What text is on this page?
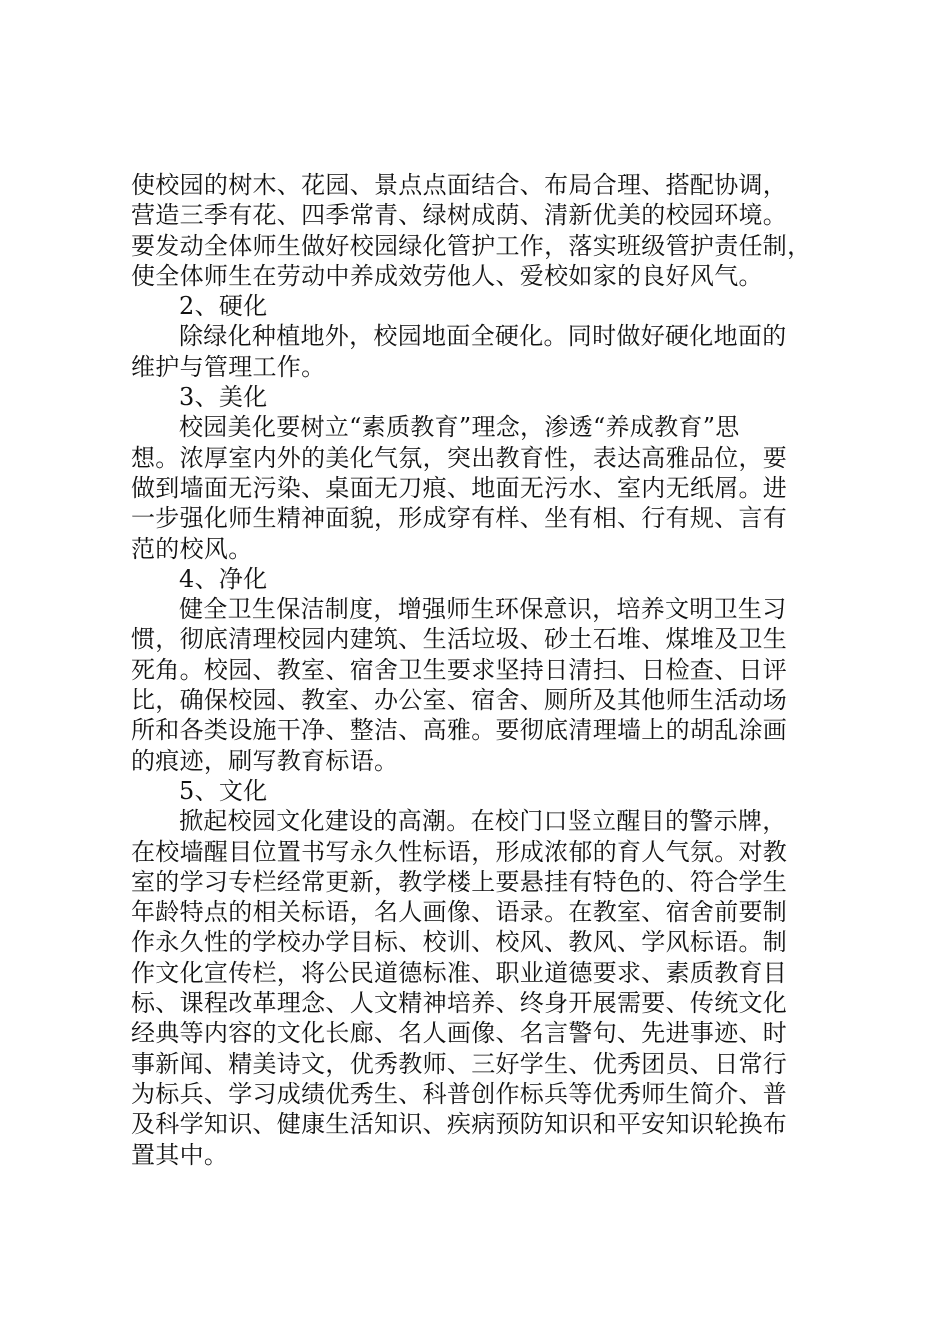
使校园的树木、花园、景点点面结合、布局合理、搭配协调，
营造三季有花、四季常青、绿树成荫、清新优美的校园环境。
要发动全体师生做好校园绿化管护工作，落实班级管护责任制，
使全体师生在劳动中养成效劳他人、爱校如家的良好风气。
2、硬化
除绿化种植地外，校园地面全硬化。同时做好硬化地面的
维护与管理工作。
3、美化
校园美化要树立“素质教育”理念，渗透“养成教育”思
想。浓厚室内外的美化气氛，突出教育性，表达高雅品位，要
做到墙面无污染、桌面无刀痕、地面无污水、室内无纸屑。进
一步强化师生精神面貌，形成穿有样、坐有相、行有规、言有
范的校风。
4、净化
健全卫生保洁制度，增强师生环保意识，培养文明卫生习
惯，彻底清理校园内建筑、生活垃圾、砂土石堆、煤堆及卫生
死角。校园、教室、宿舍卫生要求坚持日清扫、日检查、日评
比，确保校园、教室、办公室、宿舍、厕所及其他师生活动场
所和各类设施干净、整洁、高雅。要彻底清理墙上的胡乱涂画
的痕迹，刷写教育标语。
5、文化
掀起校园文化建设的高潮。在校门口竖立醒目的警示牌，
在校墙醒目位置书写永久性标语，形成浓郁的育人气氛。对教
室的学习专栏经常更新，教学楼上要悬挂有特色的、符合学生
年龄特点的相关标语，名人画像、语录。在教室、宿舍前要制
作永久性的学校办学目标、校训、校风、教风、学风标语。制
作文化宣传栏，将公民道德标准、职业道德要求、素质教育目
标、课程改革理念、人文精神培养、终身开展需要、传统文化
经典等内容的文化长廊、名人画像、名言警句、先进事迹、时
事新闻、精美诗文，优秀教师、三好学生、优秀团员、日常行
为标兵、学习成绩优秀生、科普创作标兵等优秀师生简介、普
及科学知识、健康生活知识、疾病预防知识和平安知识轮换布
置其中。
